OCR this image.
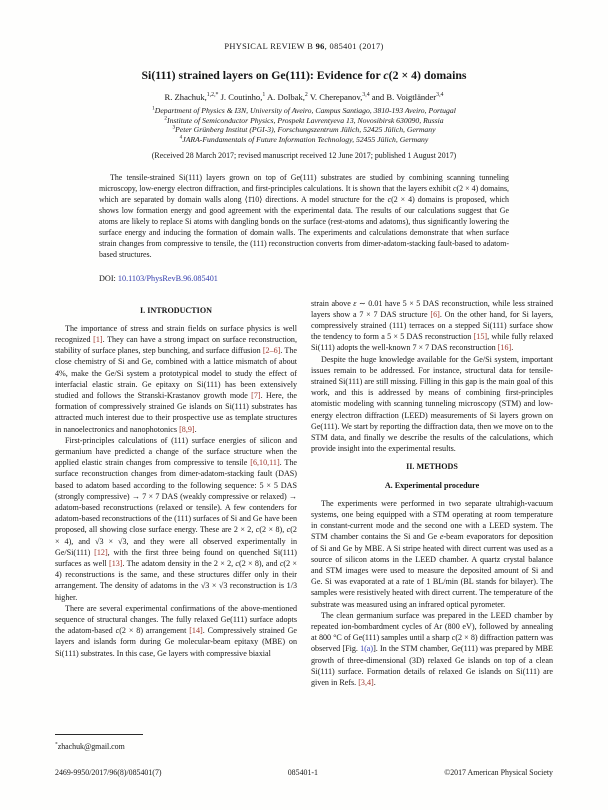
PHYSICAL REVIEW B 96, 085401 (2017)
Si(111) strained layers on Ge(111): Evidence for c(2 × 4) domains
R. Zhachuk,$^{1,2,*}$ J. Coutinho,$^1$ A. Dolbak,$^2$ V. Cherepanov,$^{3,4}$ and B. Voigtländer$^{3,4}$
$^1$Department of Physics & I3N, University of Aveiro, Campus Santiago, 3810-193 Aveiro, Portugal
$^2$Institute of Semiconductor Physics, Prospekt Lavrentyeva 13, Novosibirsk 630090, Russia
$^3$Peter Grünberg Institut (PGI-3), Forschungszentrum Jülich, 52425 Jülich, Germany
$^4$JARA-Fundamentals of Future Information Technology, 52455 Jülich, Germany
(Received 28 March 2017; revised manuscript received 12 June 2017; published 1 August 2017)
The tensile-strained Si(111) layers grown on top of Ge(111) substrates are studied by combining scanning tunneling microscopy, low-energy electron diffraction, and first-principles calculations. It is shown that the layers exhibit c(2 × 4) domains, which are separated by domain walls along ⟨1̄10⟩ directions. A model structure for the c(2 × 4) domains is proposed, which shows low formation energy and good agreement with the experimental data. The results of our calculations suggest that Ge atoms are likely to replace Si atoms with dangling bonds on the surface (rest-atoms and adatoms), thus significantly lowering the surface energy and inducing the formation of domain walls. The experiments and calculations demonstrate that when surface strain changes from compressive to tensile, the (111) reconstruction converts from dimer-adatom-stacking fault-based to adatom-based structures.
DOI: 10.1103/PhysRevB.96.085401
I. INTRODUCTION
The importance of stress and strain fields on surface physics is well recognized [1]. They can have a strong impact on surface reconstruction, stability of surface planes, step bunching, and surface diffusion [2–6]. The close chemistry of Si and Ge, combined with a lattice mismatch of about 4%, make the Ge/Si system a prototypical model to study the effect of interfacial elastic strain. Ge epitaxy on Si(111) has been extensively studied and follows the Stranski-Krastanov growth mode [7]. Here, the formation of compressively strained Ge islands on Si(111) substrates has attracted much interest due to their prospective use as template structures in nanoelectronics and nanophotonics [8,9].
First-principles calculations of (111) surface energies of silicon and germanium have predicted a change of the surface structure when the applied elastic strain changes from compressive to tensile [6,10,11]. The surface reconstruction changes from dimer-adatom-stacking fault (DAS) based to adatom based according to the following sequence: 5 × 5 DAS (strongly compressive) → 7 × 7 DAS (weakly compressive or relaxed) → adatom-based reconstructions (relaxed or tensile). A few contenders for adatom-based reconstructions of the (111) surfaces of Si and Ge have been proposed, all showing close surface energy. These are 2 × 2, c(2 × 8), c(2 × 4), and √3 × √3, and they were all observed experimentally in Ge/Si(111) [12], with the first three being found on quenched Si(111) surfaces as well [13]. The adatom density in the 2 × 2, c(2 × 8), and c(2 × 4) reconstructions is the same, and these structures differ only in their arrangement. The density of adatoms in the √3 × √3 reconstruction is 1/3 higher.
There are several experimental confirmations of the above-mentioned sequence of structural changes. The fully relaxed Ge(111) surface adopts the adatom-based c(2 × 8) arrangement [14]. Compressively strained Ge layers and islands form during Ge molecular-beam epitaxy (MBE) on Si(111) substrates. In this case, Ge layers with compressive biaxial
strain above ε ∼ 0.01 have 5 × 5 DAS reconstruction, while less strained layers show a 7 × 7 DAS structure [6]. On the other hand, for Si layers, compressively strained (111) terraces on a stepped Si(111) surface show the tendency to form a 5 × 5 DAS reconstruction [15], while fully relaxed Si(111) adopts the well-known 7 × 7 DAS reconstruction [16].
Despite the huge knowledge available for the Ge/Si system, important issues remain to be addressed. For instance, structural data for tensile-strained Si(111) are still missing. Filling in this gap is the main goal of this work, and this is addressed by means of combining first-principles atomistic modeling with scanning tunneling microscopy (STM) and low-energy electron diffraction (LEED) measurements of Si layers grown on Ge(111). We start by reporting the diffraction data, then we move on to the STM data, and finally we describe the results of the calculations, which provide insight into the experimental results.
II. METHODS
A. Experimental procedure
The experiments were performed in two separate ultrahigh-vacuum systems, one being equipped with a STM operating at room temperature in constant-current mode and the second one with a LEED system. The STM chamber contains the Si and Ge e-beam evaporators for deposition of Si and Ge by MBE. A Si stripe heated with direct current was used as a source of silicon atoms in the LEED chamber. A quartz crystal balance and STM images were used to measure the deposited amount of Si and Ge. Si was evaporated at a rate of 1 BL/min (BL stands for bilayer). The samples were resistively heated with direct current. The temperature of the substrate was measured using an infrared optical pyrometer.
The clean germanium surface was prepared in the LEED chamber by repeated ion-bombardment cycles of Ar (800 eV), followed by annealing at 800 °C of Ge(111) samples until a sharp c(2 × 8) diffraction pattern was observed [Fig. 1(a)]. In the STM chamber, Ge(111) was prepared by MBE growth of three-dimensional (3D) relaxed Ge islands on top of a clean Si(111) surface. Formation details of relaxed Ge islands on Si(111) are given in Refs. [3,4].
*zhachuk@gmail.com
2469-9950/2017/96(8)/085401(7)	085401-1	©2017 American Physical Society
